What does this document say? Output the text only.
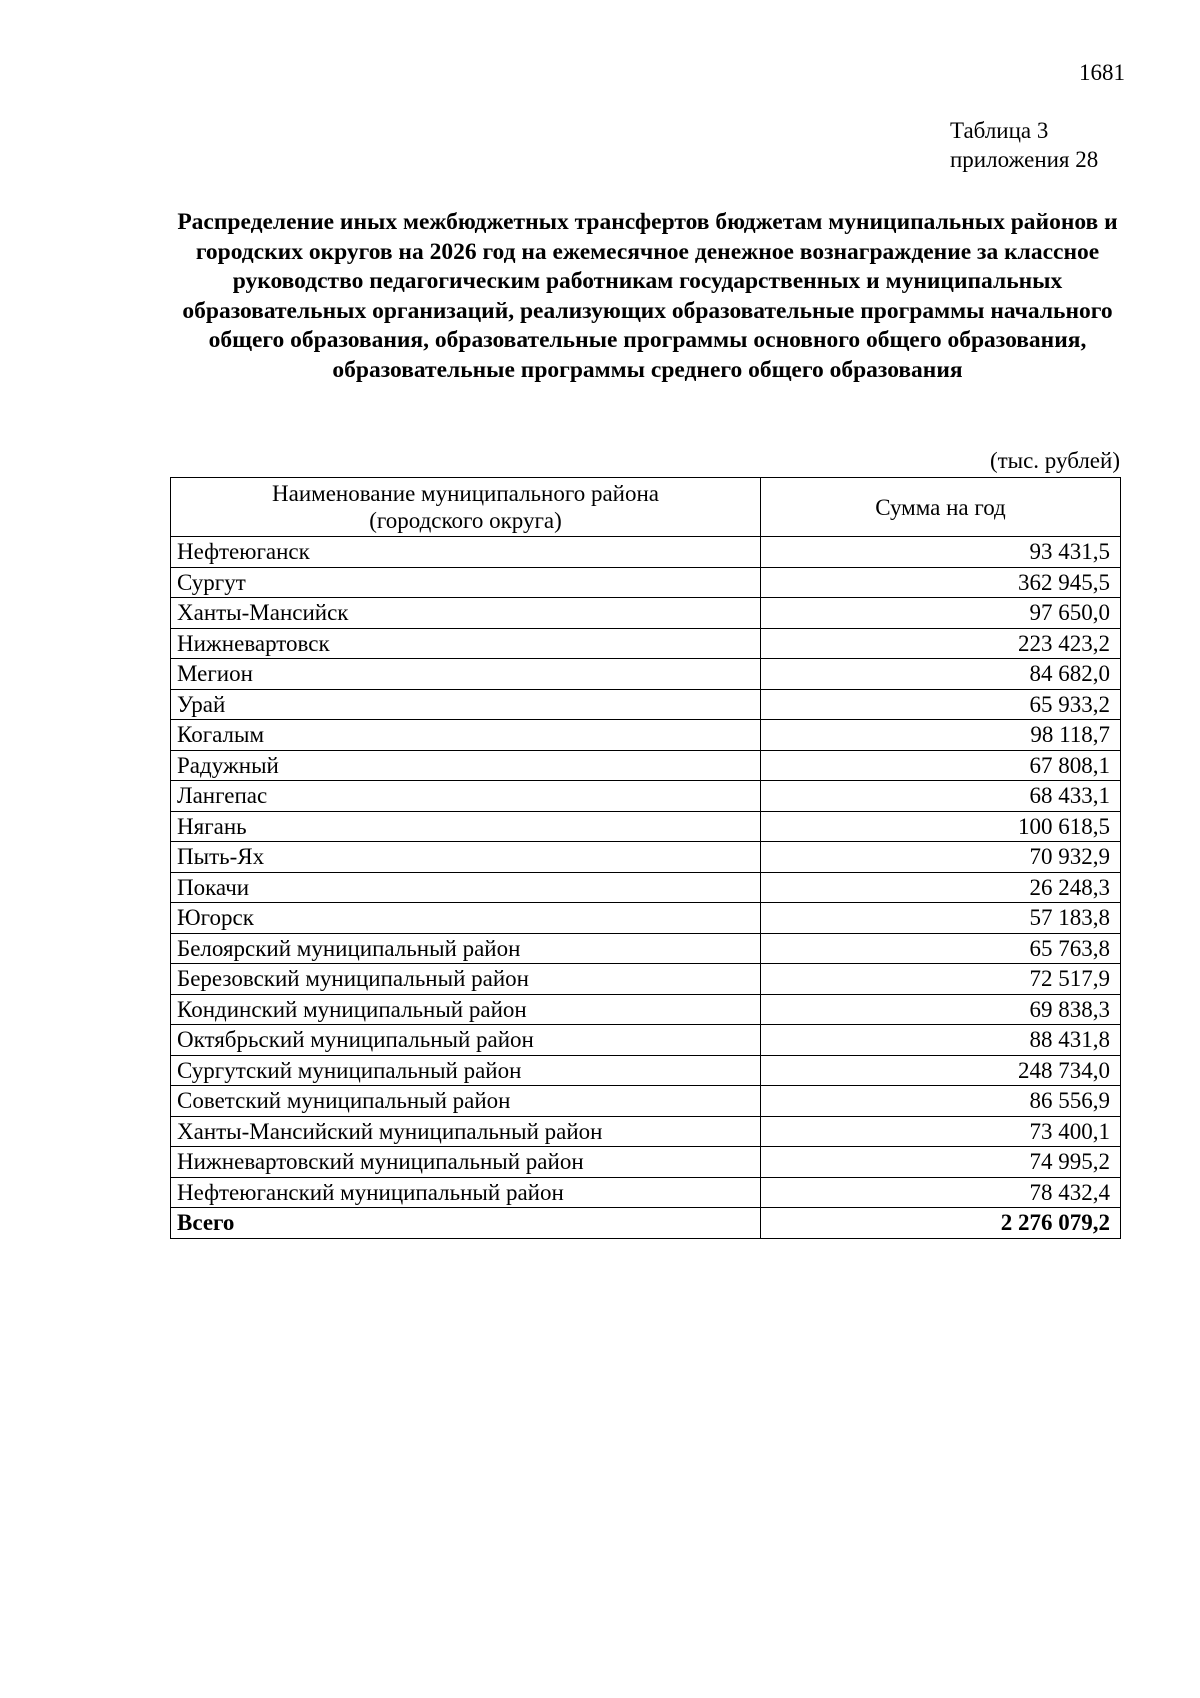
1681
Таблица 3
приложения 28
Распределение иных межбюджетных трансфертов бюджетам муниципальных районов и городских округов на 2026 год на ежемесячное денежное вознаграждение за классное руководство педагогическим работникам государственных и муниципальных образовательных организаций, реализующих образовательные программы начального общего образования, образовательные программы основного общего образования, образовательные программы среднего общего образования
(тыс. рублей)
Наименование муниципального района
(городского округа)	Сумма на год
Нефтеюганск	93 431,5
Сургут	362 945,5
Ханты-Мансийск	97 650,0
Нижневартовск	223 423,2
Мегион	84 682,0
Урай	65 933,2
Когалым	98 118,7
Радужный	67 808,1
Лангепас	68 433,1
Нягань	100 618,5
Пыть-Ях	70 932,9
Покачи	26 248,3
Югорск	57 183,8
Белоярский муниципальный район	65 763,8
Березовский муниципальный район	72 517,9
Кондинский муниципальный район	69 838,3
Октябрьский муниципальный район	88 431,8
Сургутский муниципальный район	248 734,0
Советский муниципальный район	86 556,9
Ханты-Мансийский муниципальный район	73 400,1
Нижневартовский муниципальный район	74 995,2
Нефтеюганский муниципальный район	78 432,4
Всего	2 276 079,2
